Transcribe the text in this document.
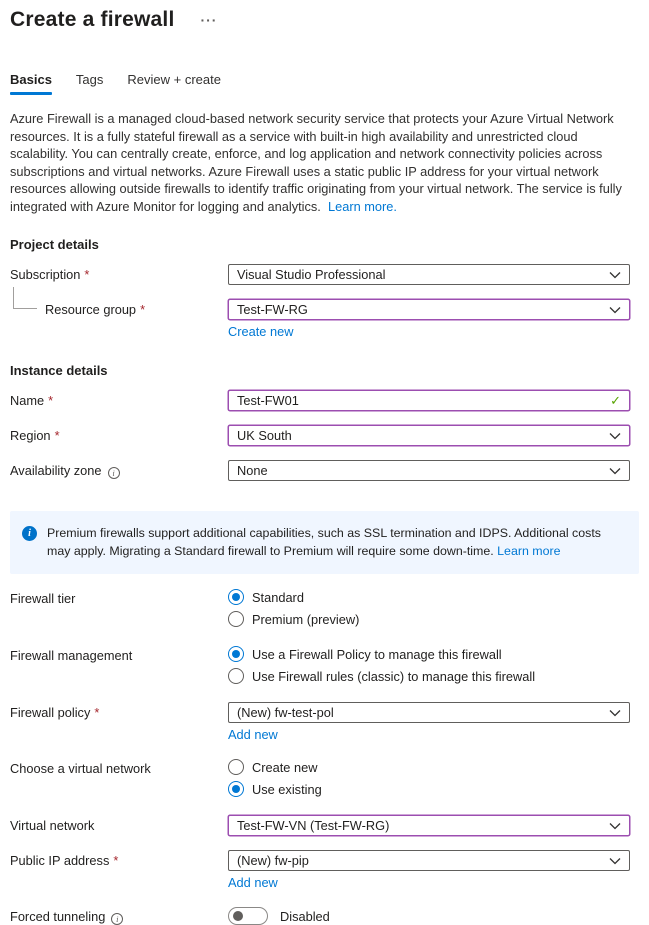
Create a firewall ···
Basics Tags Review + create
Azure Firewall is a managed cloud-based network security service that protects your Azure Virtual Network resources. It is a fully stateful firewall as a service with built-in high availability and unrestricted cloud scalability. You can centrally create, enforce, and log application and network connectivity policies across subscriptions and virtual networks. Azure Firewall uses a static public IP address for your virtual network resources allowing outside firewalls to identify traffic originating from your virtual network. The service is fully integrated with Azure Monitor for logging and analytics. Learn more.
Project details
Subscription *	Visual Studio Professional
Resource group *	Test-FW-RG
Create new
Instance details
Name *	Test-FW01	✓
Region *	UK South
Availability zone i	None
i	Premium firewalls support additional capabilities, such as SSL termination and IDPS. Additional costs may apply. Migrating a Standard firewall to Premium will require some down-time. Learn more
Firewall tier	Standard
Premium (preview)
Firewall management	Use a Firewall Policy to manage this firewall
Use Firewall rules (classic) to manage this firewall
Firewall policy *	(New) fw-test-pol
Add new
Choose a virtual network	Create new
Use existing
Virtual network	Test-FW-VN (Test-FW-RG)
Public IP address *	(New) fw-pip
Add new
Forced tunneling i	Disabled
